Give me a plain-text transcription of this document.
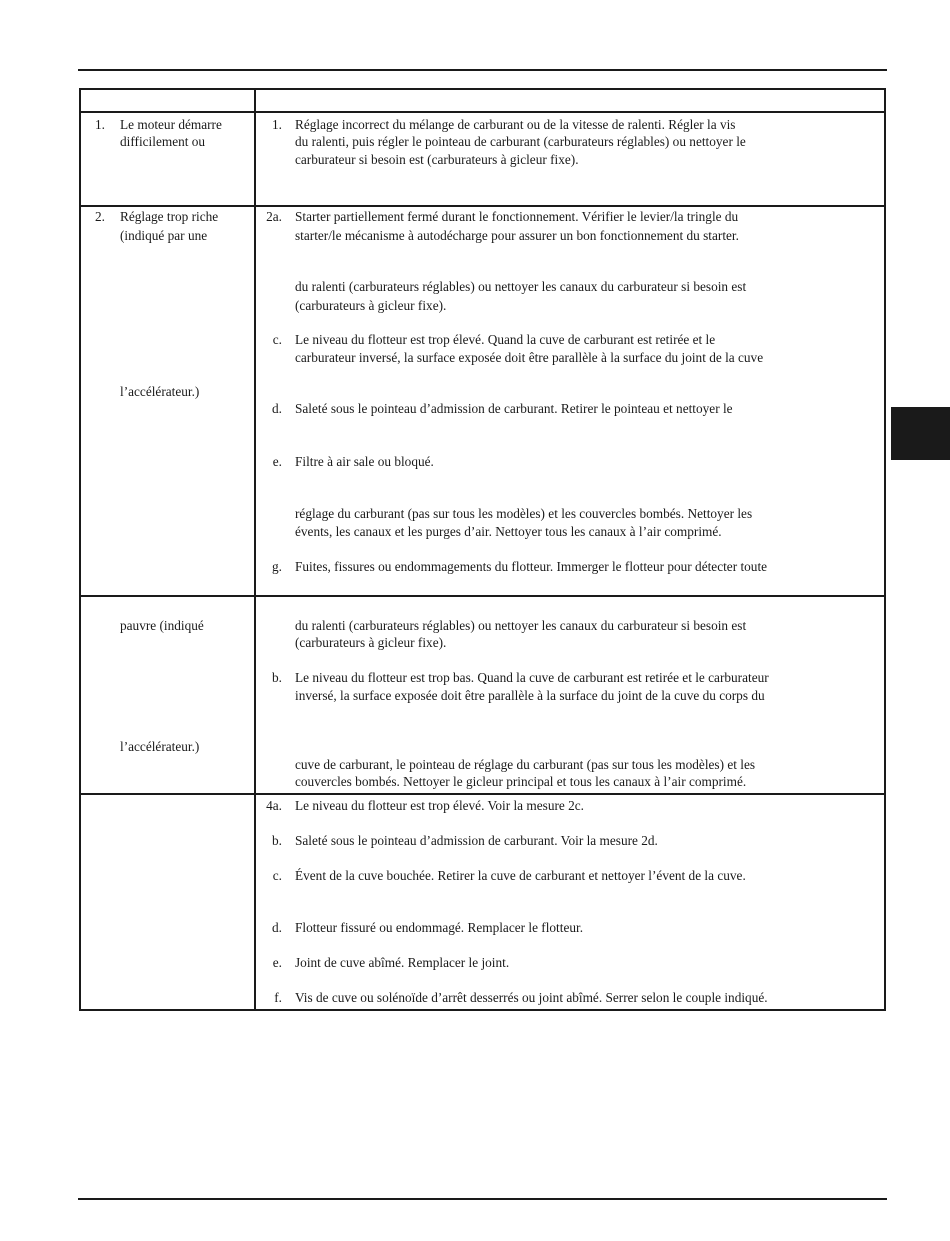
1. Le moteur démarre
difficilement ou
1. Réglage incorrect du mélange de carburant ou de la vitesse de ralenti. Régler la vis
du ralenti, puis régler le pointeau de carburant (carburateurs réglables) ou nettoyer le
carburateur si besoin est (carburateurs à gicleur fixe).
2. Réglage trop riche
(indiqué par une
l’accélérateur.)
2a. Starter partiellement fermé durant le fonctionnement. Vérifier le levier/la tringle du
starter/le mécanisme à autodécharge pour assurer un bon fonctionnement du starter.
du ralenti (carburateurs réglables) ou nettoyer les canaux du carburateur si besoin est
(carburateurs à gicleur fixe).
c. Le niveau du flotteur est trop élevé. Quand la cuve de carburant est retirée et le
carburateur inversé, la surface exposée doit être parallèle à la surface du joint de la cuve
d. Saleté sous le pointeau d’admission de carburant. Retirer le pointeau et nettoyer le
e. Filtre à air sale ou bloqué.
réglage du carburant (pas sur tous les modèles) et les couvercles bombés. Nettoyer les
évents, les canaux et les purges d’air. Nettoyer tous les canaux à l’air comprimé.
g. Fuites, fissures ou endommagements du flotteur. Immerger le flotteur pour détecter toute
pauvre (indiqué
l’accélérateur.)
du ralenti (carburateurs réglables) ou nettoyer les canaux du carburateur si besoin est
(carburateurs à gicleur fixe).
b. Le niveau du flotteur est trop bas. Quand la cuve de carburant est retirée et le carburateur
inversé, la surface exposée doit être parallèle à la surface du joint de la cuve du corps du
cuve de carburant, le pointeau de réglage du carburant (pas sur tous les modèles) et les
couvercles bombés. Nettoyer le gicleur principal et tous les canaux à l’air comprimé.
4a. Le niveau du flotteur est trop élevé. Voir la mesure 2c.
b. Saleté sous le pointeau d’admission de carburant. Voir la mesure 2d.
c. Évent de la cuve bouchée. Retirer la cuve de carburant et nettoyer l’évent de la cuve.
d. Flotteur fissuré ou endommagé. Remplacer le flotteur.
e. Joint de cuve abîmé. Remplacer le joint.
f. Vis de cuve ou solénoïde d’arrêt desserrés ou joint abîmé. Serrer selon le couple indiqué.
